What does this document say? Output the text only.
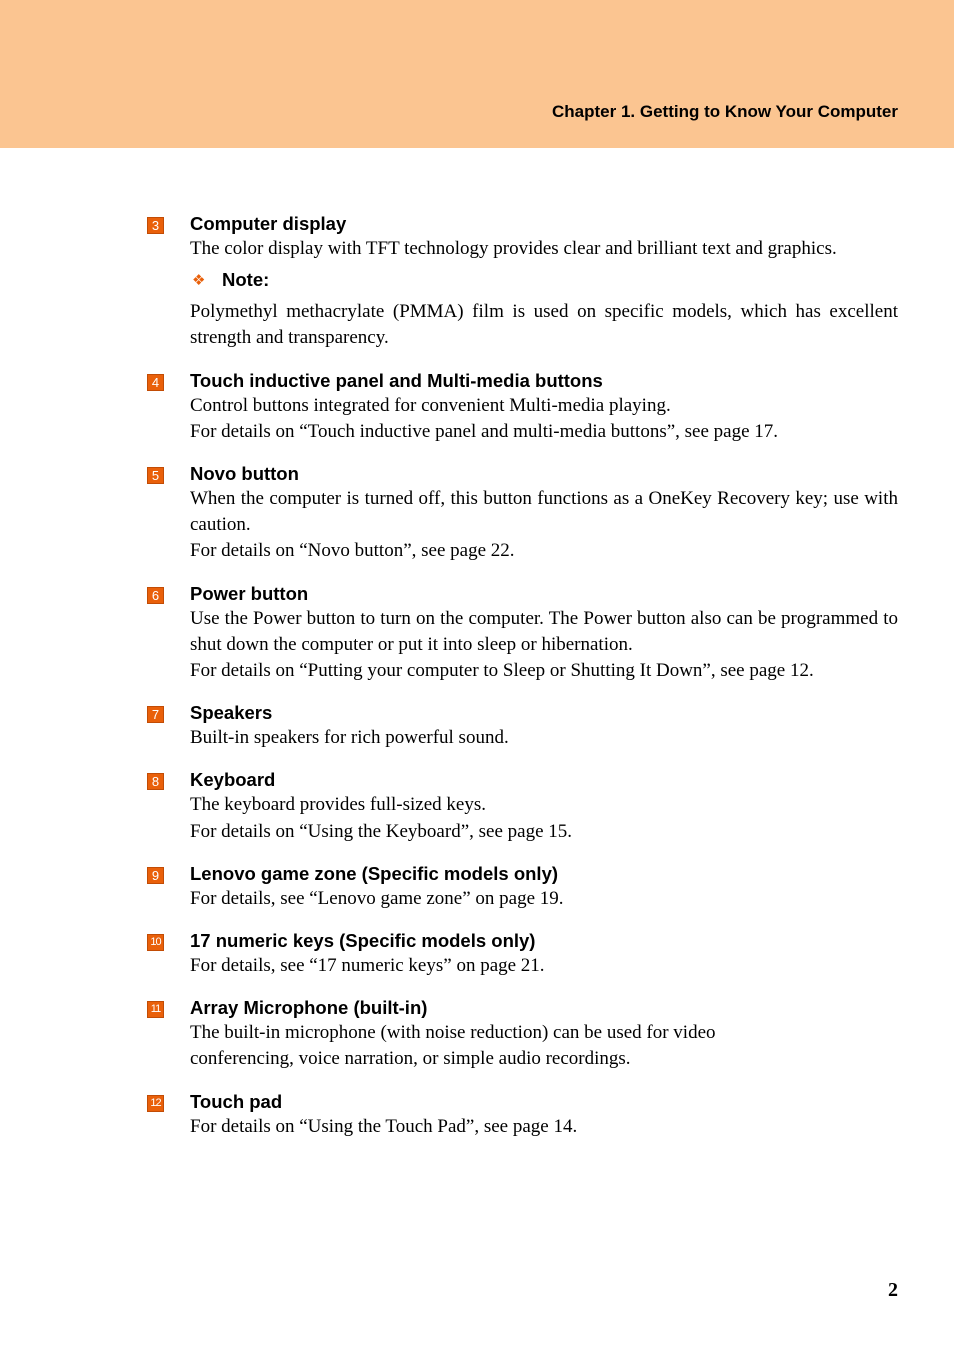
Chapter 1. Getting to Know Your Computer
3 Computer display

The color display with TFT technology provides clear and brilliant text and graphics.

❖ Note:

Polymethyl methacrylate (PMMA) film is used on specific models, which has excellent strength and transparency.

4 Touch inductive panel and Multi-media buttons

Control buttons integrated for convenient Multi-media playing.

For details on “Touch inductive panel and multi-media buttons”, see page 17.

5 Novo button

When the computer is turned off, this button functions as a OneKey Recovery key; use with caution.

For details on “Novo button”, see page 22.

6 Power button

Use the Power button to turn on the computer. The Power button also can be programmed to shut down the computer or put it into sleep or hibernation.

For details on “Putting your computer to Sleep or Shutting It Down”, see page 12.

7 Speakers

Built-in speakers for rich powerful sound.

8 Keyboard

The keyboard provides full-sized keys.

For details on “Using the Keyboard”, see page 15.

9 Lenovo game zone (Specific models only)

For details, see “Lenovo game zone” on page 19.

10 17 numeric keys (Specific models only)

For details, see “17 numeric keys” on page 21.

11 Array Microphone (built-in)

The built-in microphone (with noise reduction) can be used for video

conferencing, voice narration, or simple audio recordings.

12 Touch pad

For details on “Using the Touch Pad”, see page 14.

2
